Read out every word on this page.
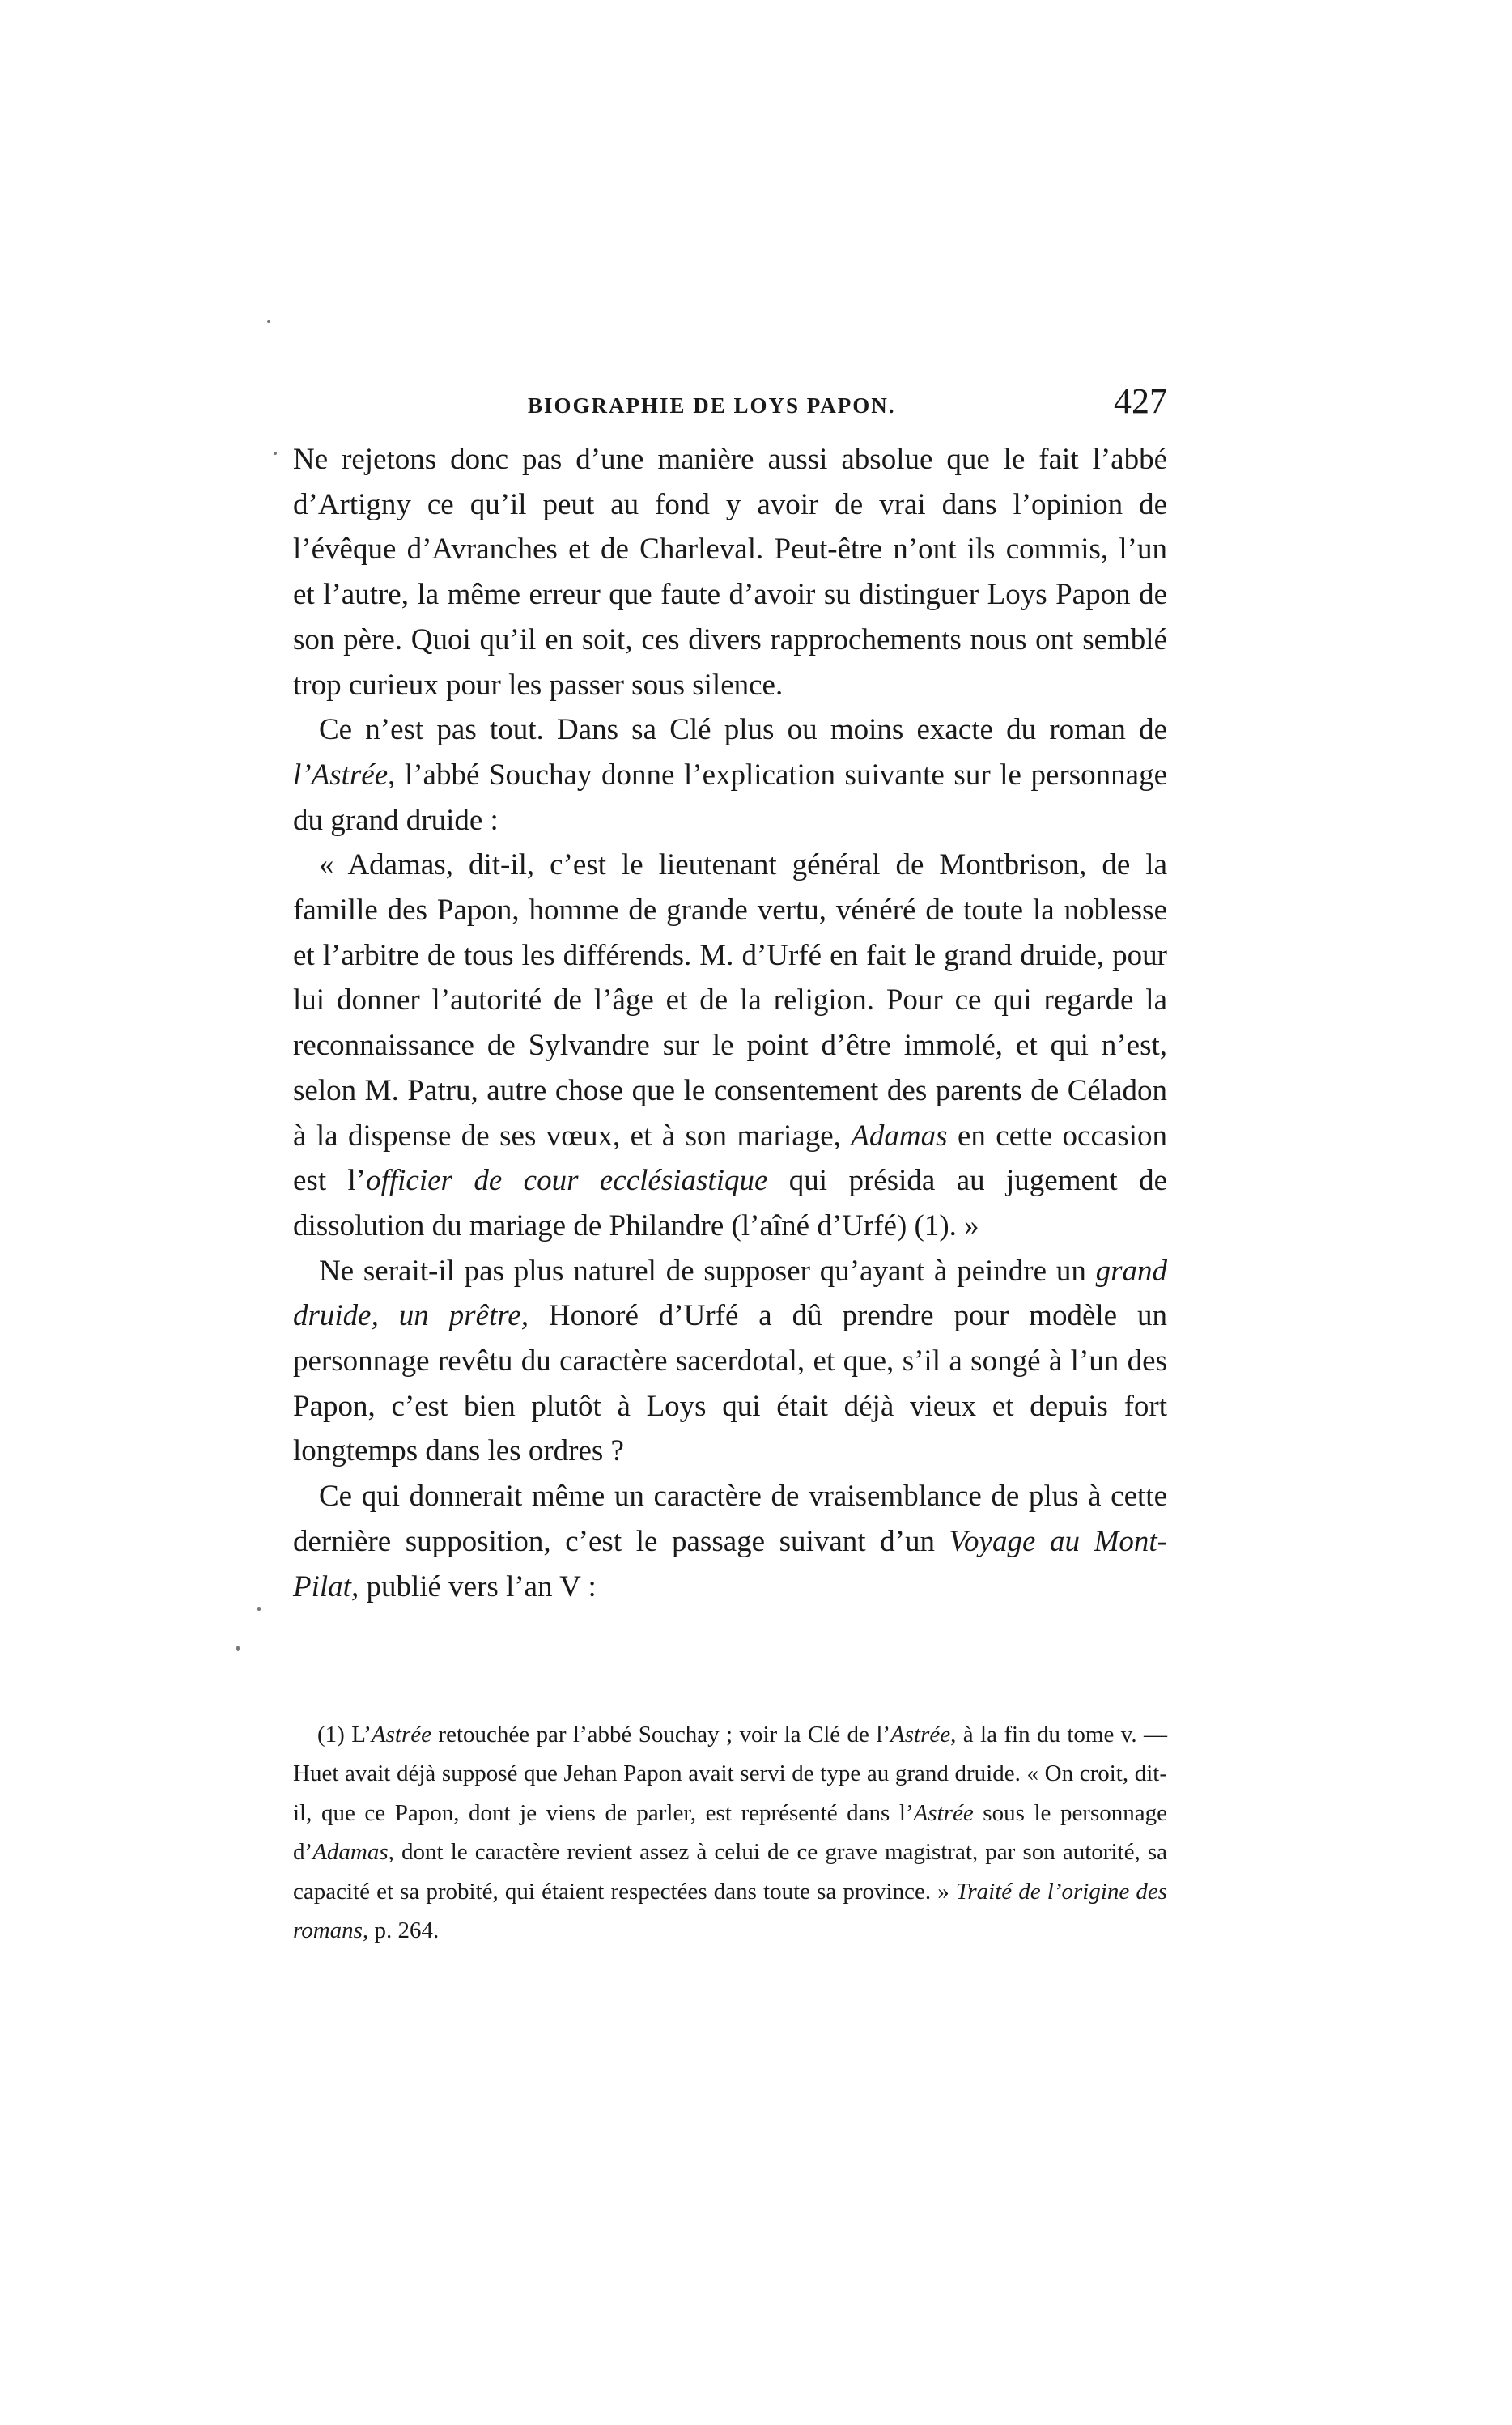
BIOGRAPHIE DE LOYS PAPON.	427

Ne rejetons donc pas d’une manière aussi absolue que le fait l’abbé d’Artigny ce qu’il peut au fond y avoir de vrai dans l’opinion de l’évêque d’Avranches et de Charleval. Peut-être n’ont ils commis, l’un et l’autre, la même erreur que faute d’avoir su distinguer Loys Papon de son père. Quoi qu’il en soit, ces divers rapprochements nous ont semblé trop curieux pour les passer sous silence.

Ce n’est pas tout. Dans sa Clé plus ou moins exacte du roman de l’Astrée, l’abbé Souchay donne l’explication suivante sur le personnage du grand druide :

« Adamas, dit-il, c’est le lieutenant général de Montbrison, de la famille des Papon, homme de grande vertu, vénéré de toute la noblesse et l’arbitre de tous les différends. M. d’Urfé en fait le grand druide, pour lui donner l’autorité de l’âge et de la religion. Pour ce qui regarde la reconnaissance de Sylvandre sur le point d’être immolé, et qui n’est, selon M. Patru, autre chose que le consentement des parents de Céladon à la dispense de ses vœux, et à son mariage, Adamas en cette occasion est l’officier de cour ecclésiastique qui présida au jugement de dissolution du mariage de Philandre (l’aîné d’Urfé) (1). »

Ne serait-il pas plus naturel de supposer qu’ayant à peindre un grand druide, un prêtre, Honoré d’Urfé a dû prendre pour modèle un personnage revêtu du caractère sacerdotal, et que, s’il a songé à l’un des Papon, c’est bien plutôt à Loys qui était déjà vieux et depuis fort longtemps dans les ordres ?

Ce qui donnerait même un caractère de vraisemblance de plus à cette dernière supposition, c’est le passage suivant d’un Voyage au Mont-Pilat, publié vers l’an V :

(1) L’Astrée retouchée par l’abbé Souchay ; voir la Clé de l’Astrée, à la fin du tome v. — Huet avait déjà supposé que Jehan Papon avait servi de type au grand druide. « On croit, dit-il, que ce Papon, dont je viens de parler, est représenté dans l’Astrée sous le personnage d’Adamas, dont le caractère revient assez à celui de ce grave magistrat, par son autorité, sa capacité et sa probité, qui étaient respectées dans toute sa province. » Traité de l’origine des romans, p. 264.
